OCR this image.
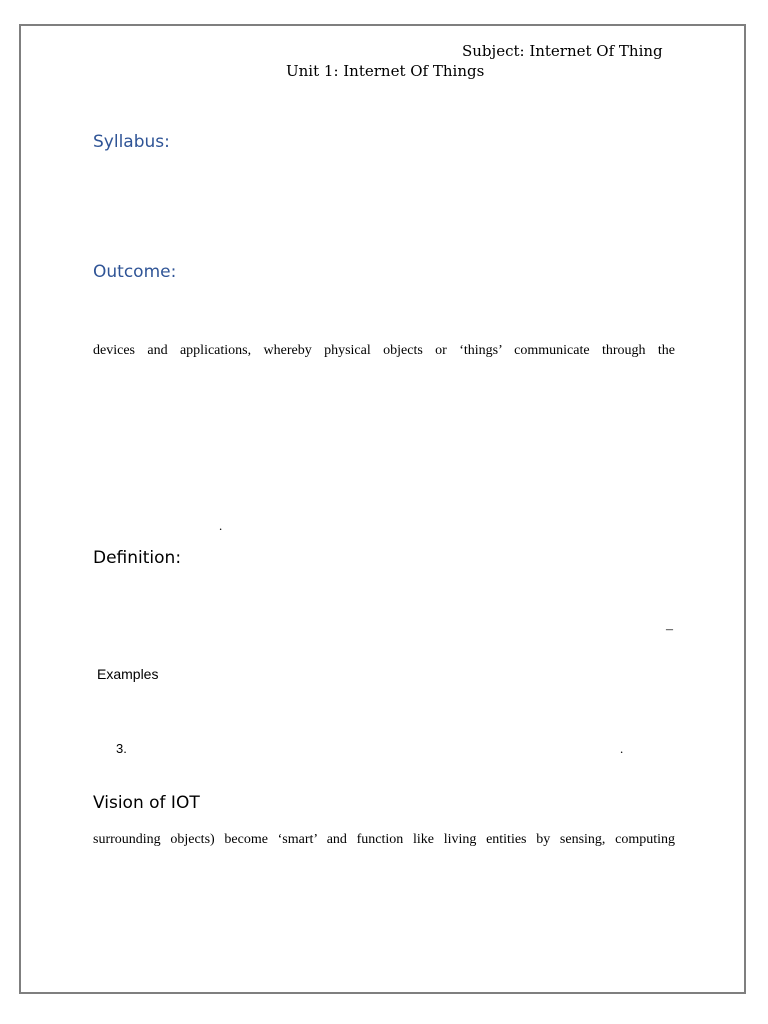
Subject: Internet Of Thing
Unit 1: Internet Of Things
Syllabus:
Outcome:
devices and applications, whereby physical objects or ‘things’ communicate through the
.
Definition:
–
Examples
3.	.
Vision of IOT
surrounding objects) become ‘smart’ and function like living entities by sensing, computing
